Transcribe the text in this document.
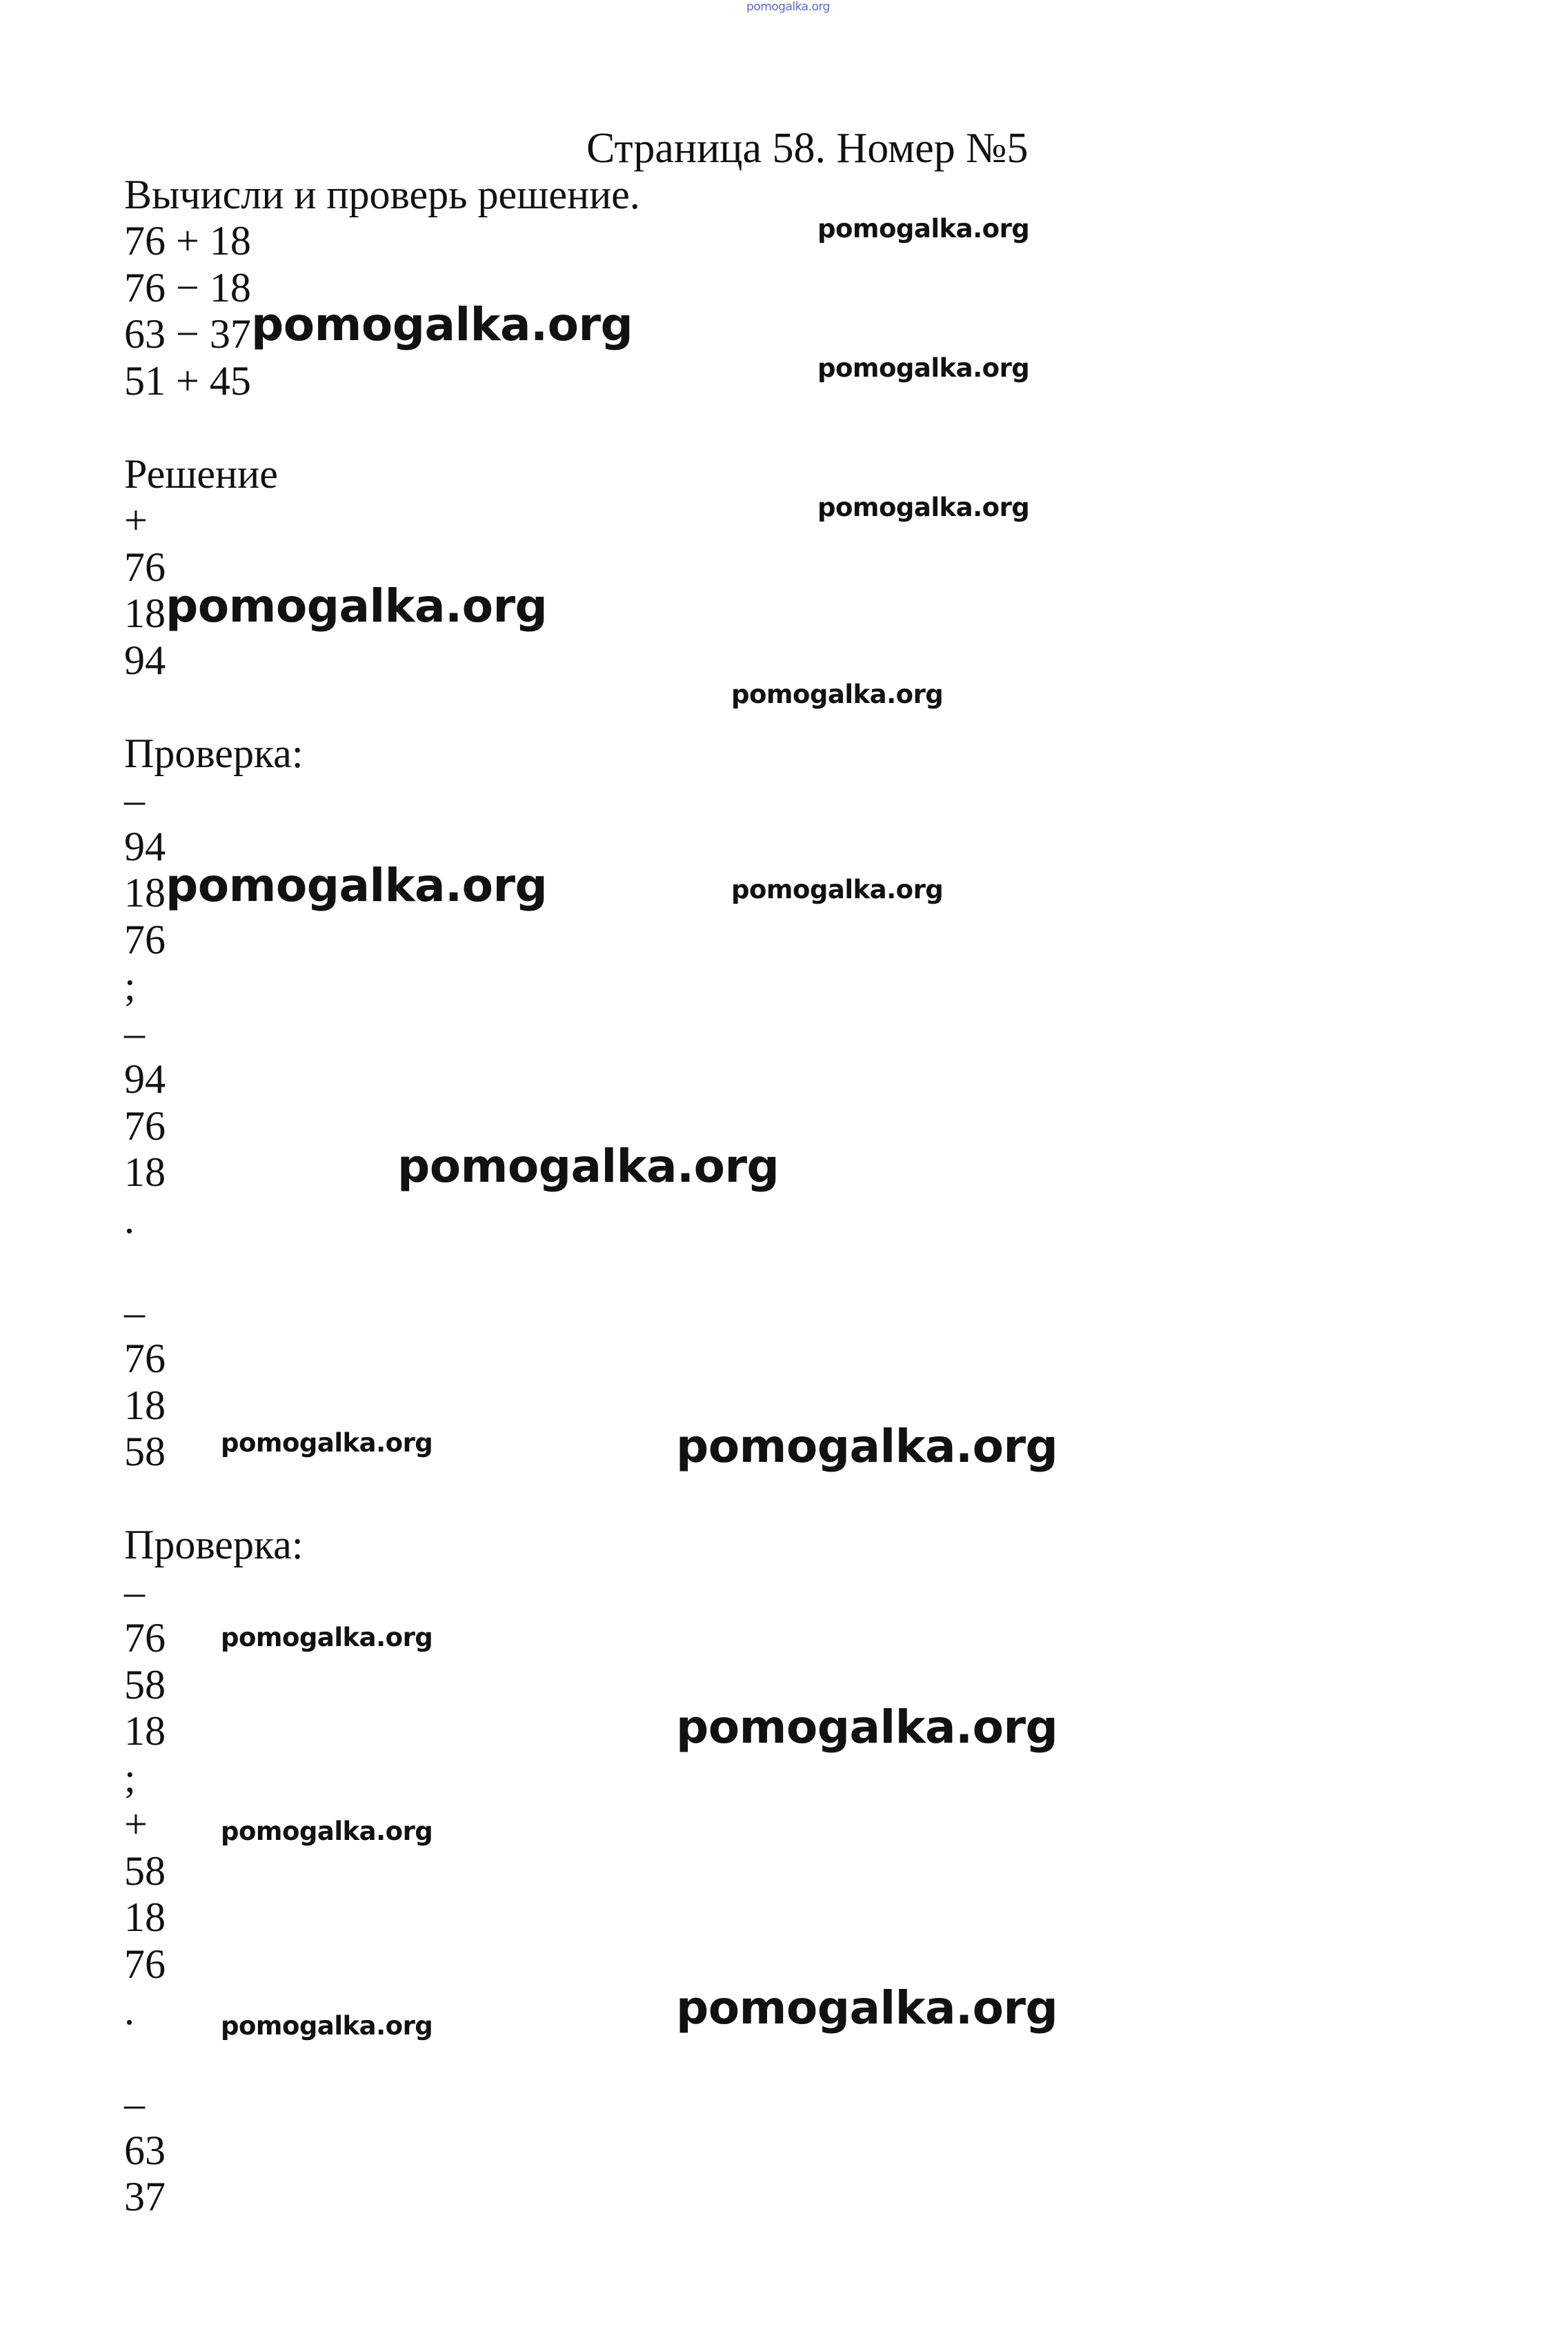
pomogalka.org
Страница 58. Номер №5
Вычисли и проверь решение.
76 + 18
76 − 18
63 − 37
51 + 45
Решение
+
76
18
94
Проверка:
–
94
18
76
;
–
94
76
18
.
–
76
18
58
Проверка:
–
76
58
18
;
+
58
18
76
.
–
63
37
pomogalka.org
pomogalka.org
pomogalka.org
pomogalka.org
pomogalka.org
pomogalka.org
pomogalka.org	pomogalka.org
pomogalka.org
pomogalka.org	pomogalka.org
pomogalka.org
pomogalka.org
pomogalka.org
pomogalka.org
pomogalka.org
